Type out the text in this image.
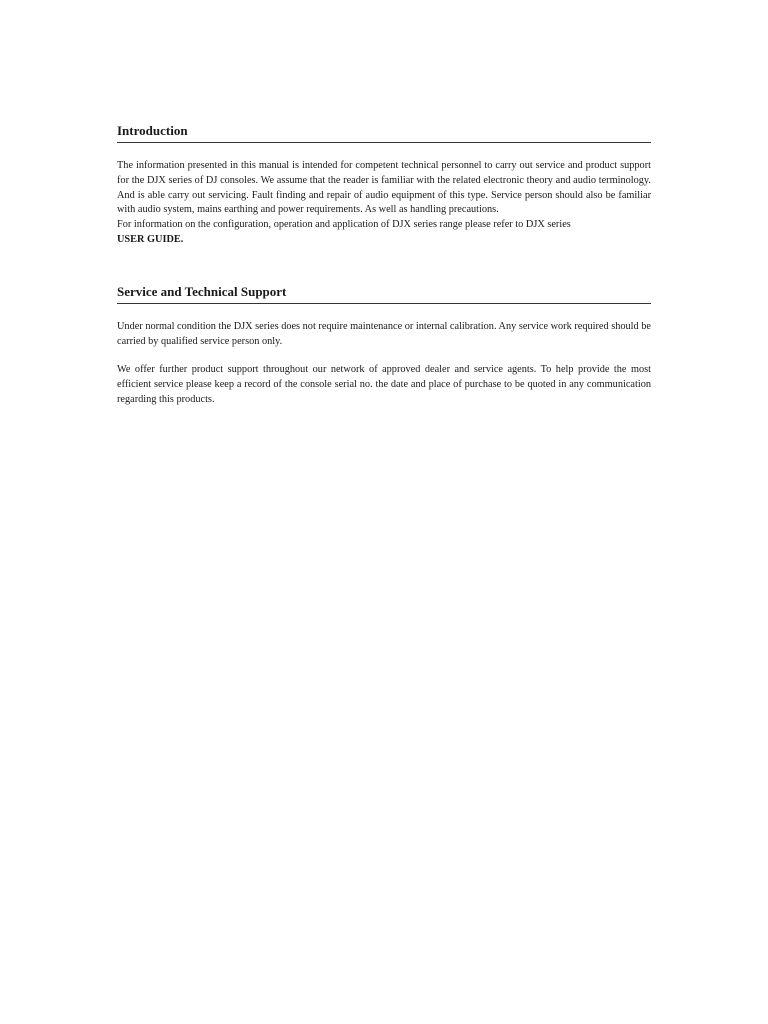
Introduction

The information presented in this manual is intended for competent technical personnel to carry out service and product support for the DJX series of DJ consoles. We assume that the reader is familiar with the related electronic theory and audio terminology. And is able carry out servicing. Fault finding and repair of audio equipment of this type. Service person should also be familiar with audio system, mains earthing and power requirements. As well as handling precautions.

For information on the configuration, operation and application of DJX series range please refer to DJX series
USER GUIDE.

Service and Technical Support

Under normal condition the DJX series does not require maintenance or internal calibration. Any service work required should be carried by qualified service person only.

We offer further product support throughout our network of approved dealer and service agents. To help provide the most efficient service please keep a record of the console serial no. the date and place of purchase to be quoted in any communication regarding this products.
